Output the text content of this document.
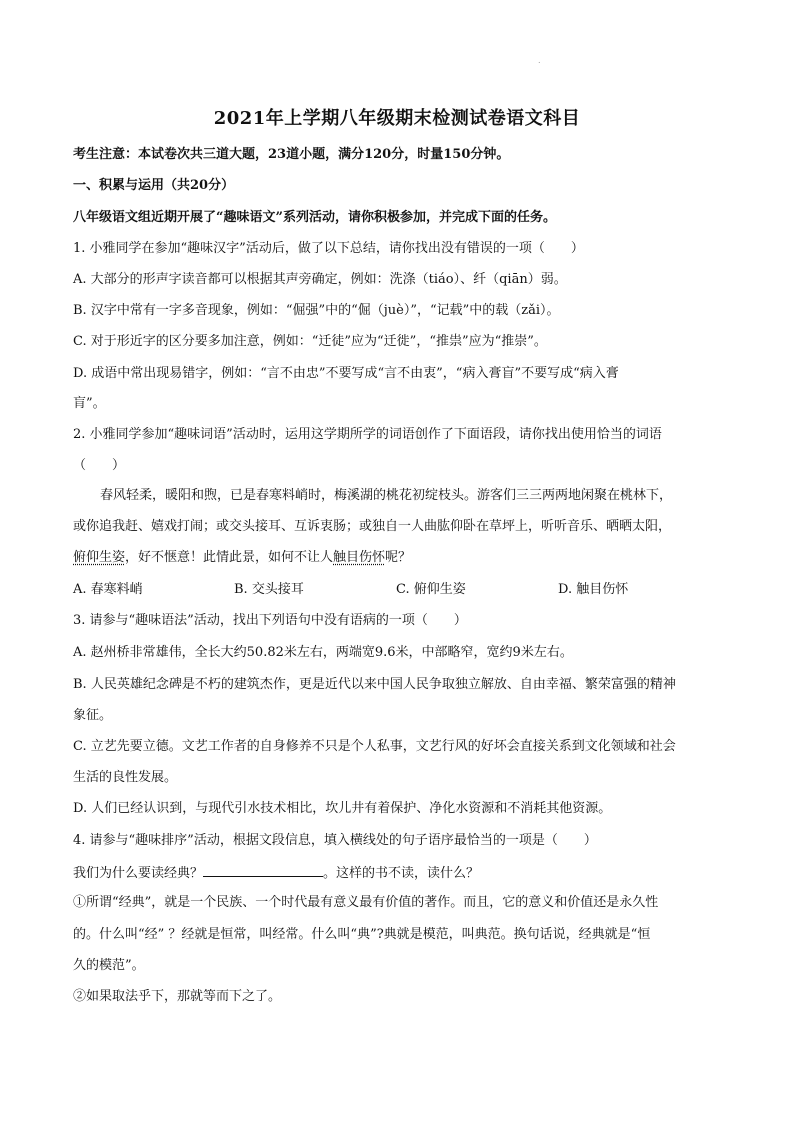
.
2021年上学期八年级期末检测试卷语文科目
考生注意：本试卷次共三道大题，23道小题，满分120分，时量150分钟。
一、积累与运用（共20分）
八年级语文组近期开展了“趣味语文”系列活动，请你积极参加，并完成下面的任务。
1. 小雅同学在参加“趣味汉字”活动后，做了以下总结，请你找出没有错误的一项（　　）
A. 大部分的形声字读音都可以根据其声旁确定，例如：洗涤（tiáo）、纤（qiān）弱。
B. 汉字中常有一字多音现象，例如：“倔强”中的“倔（juè）”，“记载”中的载（zǎi）。
C. 对于形近字的区分要多加注意，例如：“迁徒”应为“迁徙”，“推祟”应为“推崇”。
D. 成语中常出现易错字，例如：“言不由忠”不要写成“言不由衷”，“病入膏盲”不要写成“病入膏
肓”。
2. 小雅同学参加“趣味词语”活动时，运用这学期所学的词语创作了下面语段，请你找出使用恰当的词语
（　　）
春风轻柔，暖阳和煦，已是春寒料峭时，梅溪湖的桃花初绽枝头。游客们三三两两地闲聚在桃林下，
或你追我赶、嬉戏打闹；或交头接耳、互诉衷肠；或独自一人曲肱仰卧在草坪上，听听音乐、晒晒太阳，
俯仰生姿，好不惬意！此情此景，如何不让人触目伤怀呢？
A. 春寒料峭	B. 交头接耳	C. 俯仰生姿	D. 触目伤怀
3. 请参与“趣味语法”活动，找出下列语句中没有语病的一项（　　）
A. 赵州桥非常雄伟，全长大约50.82米左右，两端宽9.6米，中部略窄，宽约9米左右。
B. 人民英雄纪念碑是不朽的建筑杰作，更是近代以来中国人民争取独立解放、自由幸福、繁荣富强的精神
象征。
C. 立艺先要立德。文艺工作者的自身修养不只是个人私事，文艺行风的好坏会直接关系到文化领域和社会
生活的良性发展。
D. 人们已经认识到，与现代引水技术相比，坎儿井有着保护、净化水资源和不消耗其他资源。
4. 请参与“趣味排序”活动，根据文段信息，填入横线处的句子语序最恰当的一项是（　　）
我们为什么要读经典？	。这样的书不读，读什么？
①所谓“经典”，就是一个民族、一个时代最有意义最有价值的著作。而且，它的意义和价值还是永久性
的。什么叫“经” ？经就是恒常，叫经常。什么叫“典”?典就是模范，叫典范。换句话说，经典就是“恒
久的模范”。
②如果取法乎下，那就等而下之了。
